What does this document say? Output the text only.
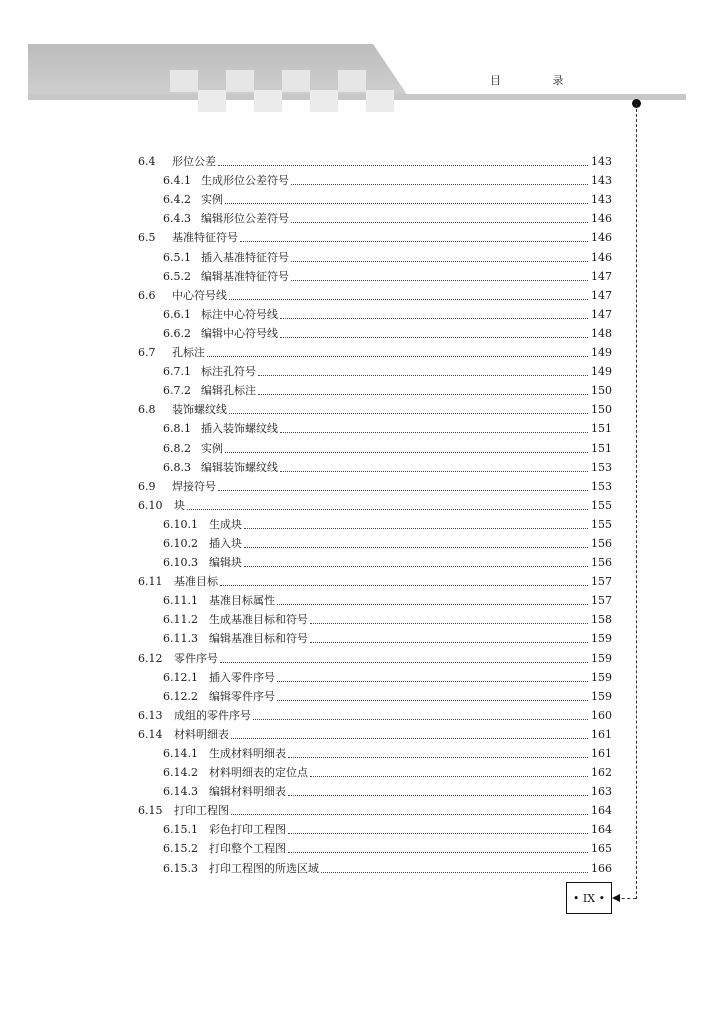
目 录
6.4	形位公差	143
6.4.1 生成形位公差符号	143
6.4.2 实例	143
6.4.3 编辑形位公差符号	146
6.5	基准特征符号	146
6.5.1 插入基准特征符号	146
6.5.2 编辑基准特征符号	147
6.6	中心符号线	147
6.6.1 标注中心符号线	147
6.6.2 编辑中心符号线	148
6.7	孔标注	149
6.7.1 标注孔符号	149
6.7.2 编辑孔标注	150
6.8	装饰螺纹线	150
6.8.1 插入装饰螺纹线	151
6.8.2 实例	151
6.8.3 编辑装饰螺纹线	153
6.9	焊接符号	153
6.10 块	155
6.10.1 生成块	155
6.10.2 插入块	156
6.10.3 编辑块	156
6.11 基准目标	157
6.11.1 基准目标属性	157
6.11.2 生成基准目标和符号	158
6.11.3 编辑基准目标和符号	159
6.12 零件序号	159
6.12.1 插入零件序号	159
6.12.2 编辑零件序号	159
6.13 成组的零件序号	160
6.14 材料明细表	161
6.14.1 生成材料明细表	161
6.14.2 材料明细表的定位点	162
6.14.3 编辑材料明细表	163
6.15 打印工程图	164
6.15.1 彩色打印工程图	164
6.15.2 打印整个工程图	165
6.15.3 打印工程图的所选区域	166
• IX •
